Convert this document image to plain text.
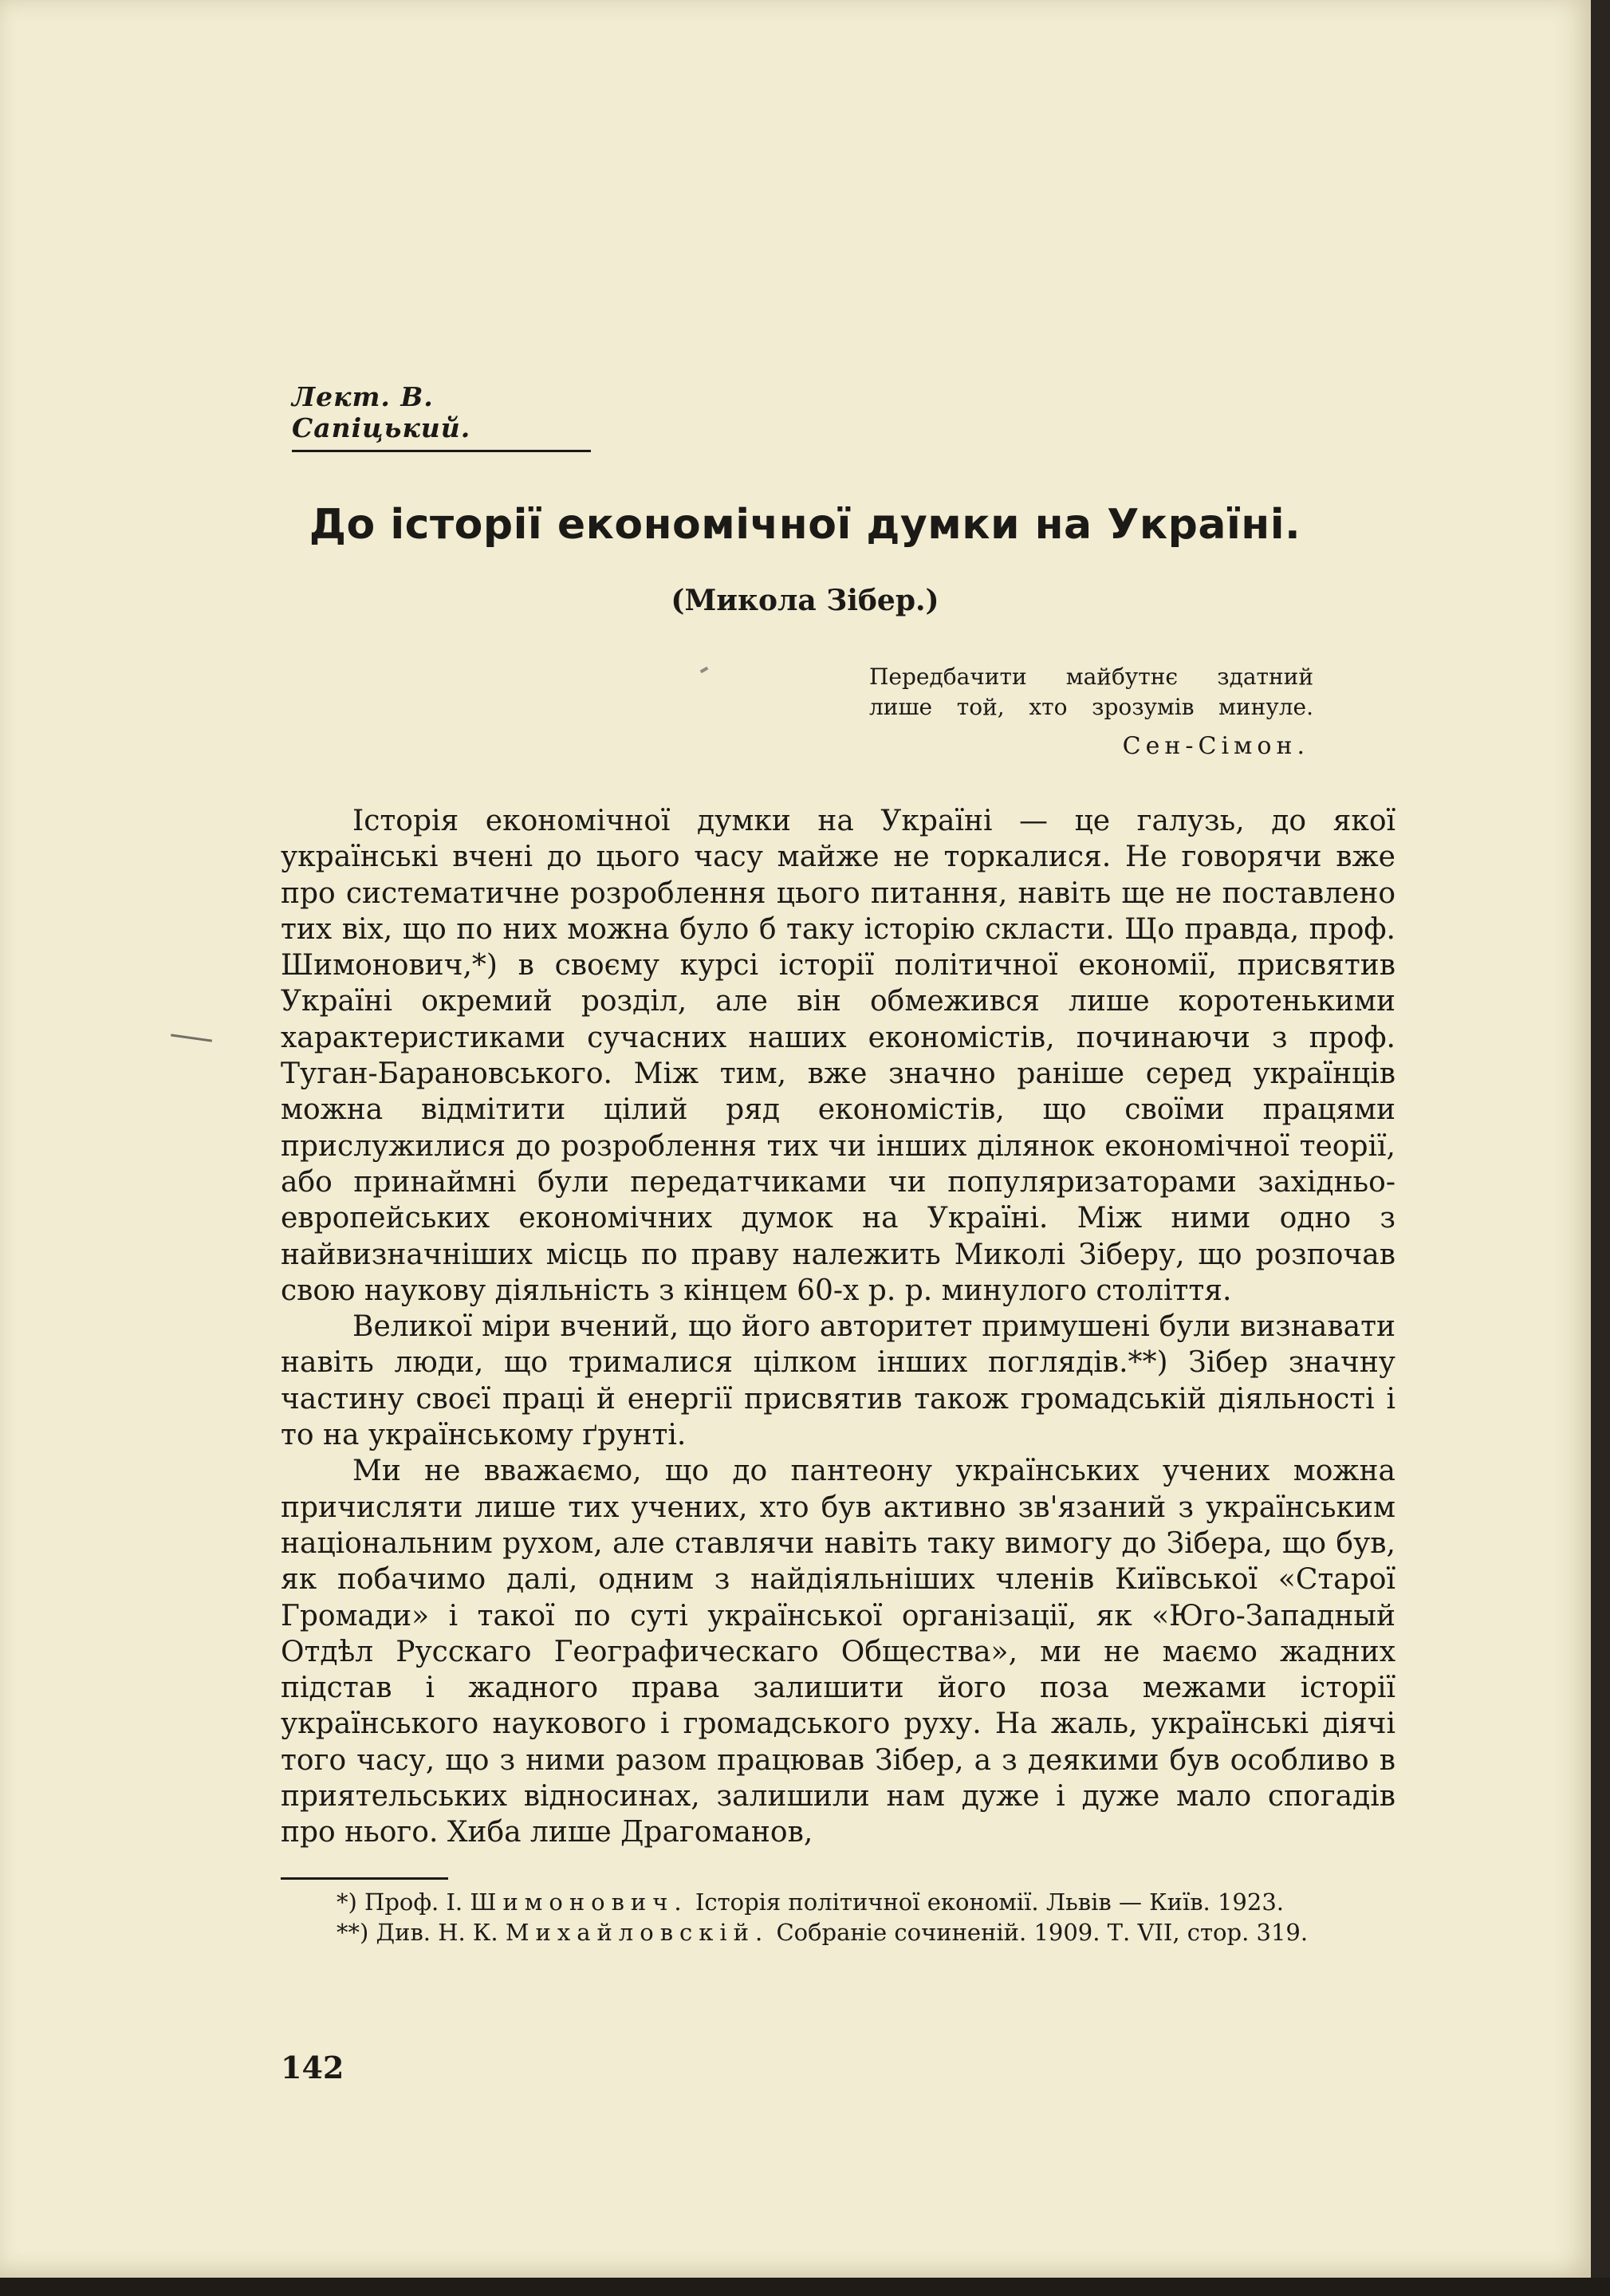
Лект. В. Сапіцький.
До історії економічної думки на Україні.
(Микола Зібер.)
Передбачити майбутнє здатний лише той, хто зрозумів минуле.
Сен-Сімон.

Історія економічної думки на Україні — це галузь, до якої українські вчені до цього часу майже не торкалися. Не говорячи вже про систематичне розроблення цього питання, навіть ще не поставлено тих віх, що по них можна було б таку історію скласти. Що правда, проф. Шимонович,*) в своєму курсі історії політичної економії, присвятив Україні окремий розділ, але він обмежився лише коротенькими характеристиками сучасних наших економістів, починаючи з проф. Туган-Барановського. Між тим, вже значно раніше серед українців можна відмітити цілий ряд економістів, що своїми працями прислужилися до розроблення тих чи інших ділянок економічної теорії, або принаймні були передатчиками чи популяризаторами західньо-европейських економічних думок на Україні. Між ними одно з найвизначніших місць по праву належить Миколі Зіберу, що розпочав свою наукову діяльність з кінцем 60-х р. р. минулого століття.

Великої міри вчений, що його авторитет примушені були визнавати навіть люди, що трималися цілком інших поглядів.**) Зібер значну частину своєї праці й енергії присвятив також громадській діяльності і то на українському ґрунті.

Ми не вважаємо, що до пантеону українських учених можна причисляти лише тих учених, хто був активно зв'язаний з українським національним рухом, але ставлячи навіть таку вимогу до Зібера, що був, як побачимо далі, одним з найдіяльніших членів Київської «Старої Громади» і такої по суті української організації, як «Юго-Западный Отдѣл Русскаго Географическаго Общества», ми не маємо жадних підстав і жадного права залишити його поза межами історії українського наукового і громадського руху. На жаль, українські діячі того часу, що з ними разом працював Зібер, а з деякими був особливо в приятельських відносинах, залишили нам дуже і дуже мало спогадів про нього. Хиба лише Драгоманов,

*) Проф. І. Шимонович. Історія політичної економії. Львів — Київ. 1923.

**) Див. Н. К. Михайловскій. Собраніе сочиненій. 1909. Т. VII, стор. 319.

142
